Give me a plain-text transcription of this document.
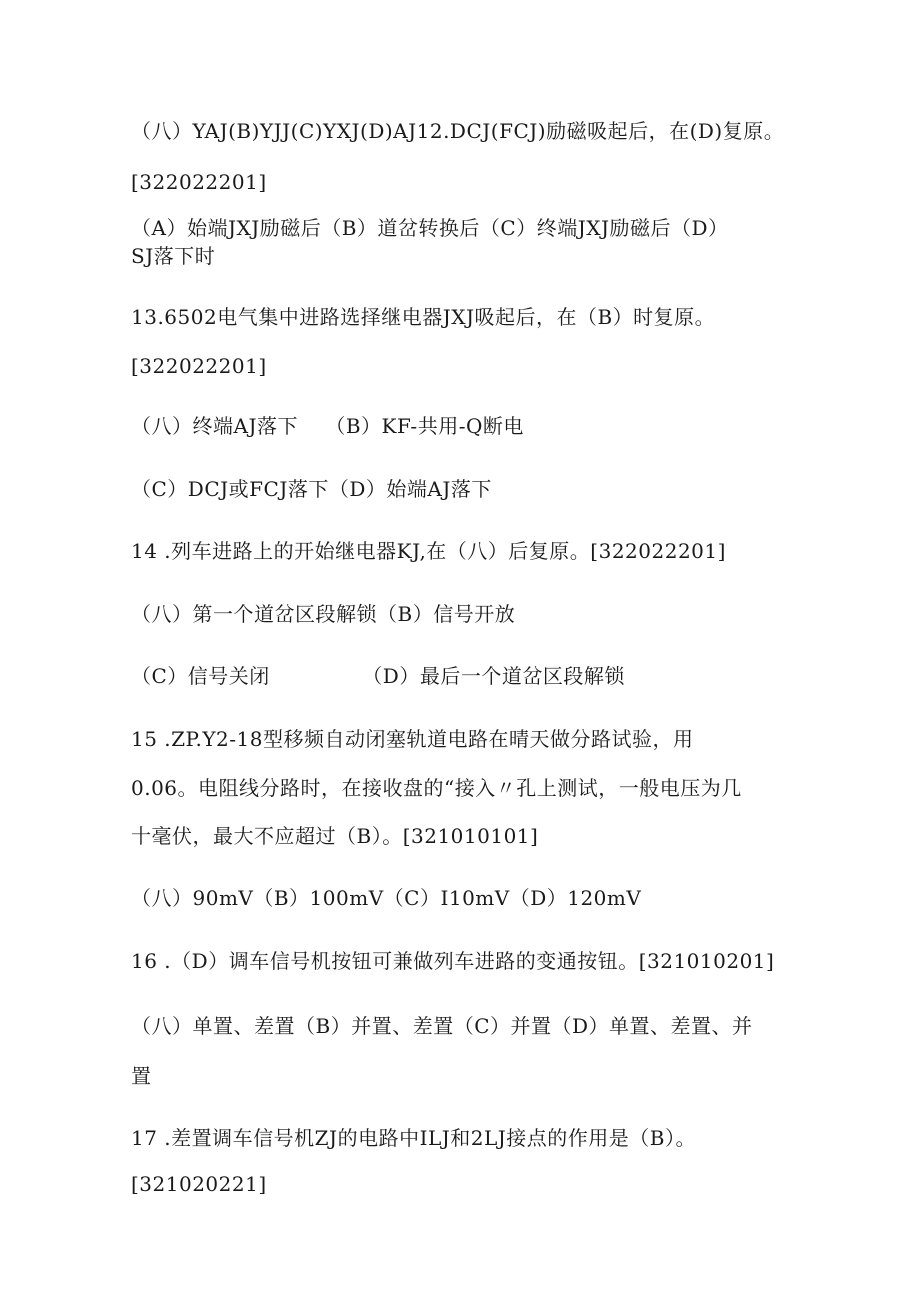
（八）YAJ(B)YJJ(C)YXJ(D)AJ12.DCJ(FCJ)励磁吸起后，在(D)复原。
[322022201]
（A）始端JXJ励磁后（B）道岔转换后（C）终端JXJ励磁后（D）
SJ落下时
13.6502电气集中进路选择继电器JXJ吸起后，在（B）时复原。
[322022201]
（八）终端AJ落下　 （B）KF-共用-Q断电
（C）DCJ或FCJ落下（D）始端AJ落下
14 .列车进路上的开始继电器KJ,在（八）后复原。[322022201]
（八）第一个道岔区段解锁（B）信号开放
（C）信号关闭　　　　　（D）最后一个道岔区段解锁
15 .ZP.Y2-18型移频自动闭塞轨道电路在晴天做分路试验，用
0.06。电阻线分路时，在接收盘的“接入〃孔上测试，一般电压为几
十毫伏，最大不应超过（B）。[321010101]
（八）90mV（B）100mV（C）I10mV（D）120mV
16 .（D）调车信号机按钮可兼做列车进路的变通按钮。[321010201]
（八）单置、差置（B）并置、差置（C）并置（D）单置、差置、并
置
17 .差置调车信号机ZJ的电路中ILJ和2LJ接点的作用是（B）。
[321020221]
